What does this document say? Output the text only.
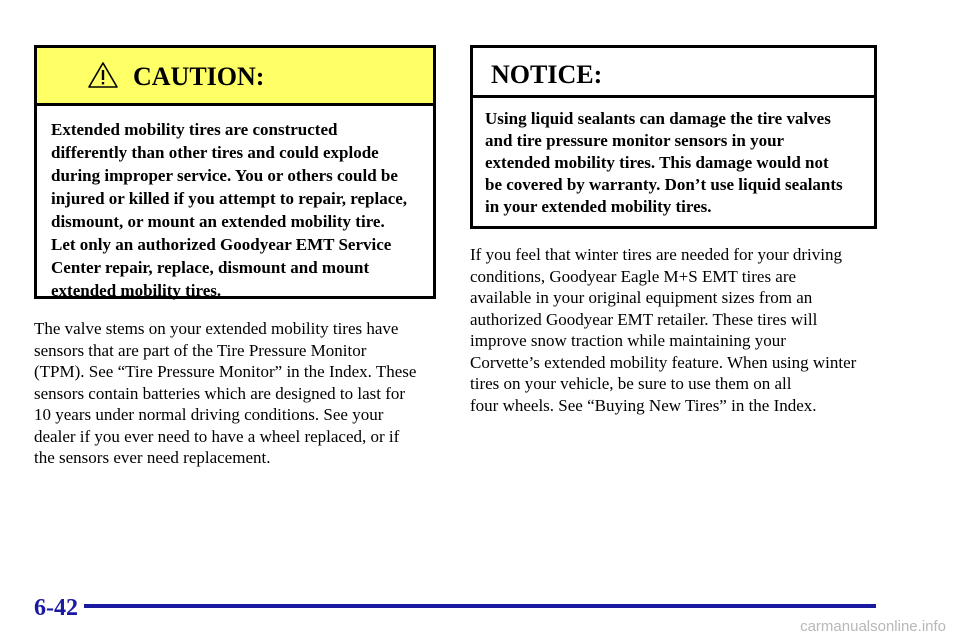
CAUTION:
Extended mobility tires are constructed
differently than other tires and could explode
during improper service. You or others could be
injured or killed if you attempt to repair, replace,
dismount, or mount an extended mobility tire.
Let only an authorized Goodyear EMT Service
Center repair, replace, dismount and mount
extended mobility tires.
The valve stems on your extended mobility tires have
sensors that are part of the Tire Pressure Monitor
(TPM). See “Tire Pressure Monitor” in the Index. These
sensors contain batteries which are designed to last for
10 years under normal driving conditions. See your
dealer if you ever need to have a wheel replaced, or if
the sensors ever need replacement.
NOTICE:
Using liquid sealants can damage the tire valves
and tire pressure monitor sensors in your
extended mobility tires. This damage would not
be covered by warranty. Don’t use liquid sealants
in your extended mobility tires.
If you feel that winter tires are needed for your driving
conditions, Goodyear Eagle M+S EMT tires are
available in your original equipment sizes from an
authorized Goodyear EMT retailer. These tires will
improve snow traction while maintaining your
Corvette’s extended mobility feature. When using winter
tires on your vehicle, be sure to use them on all
four wheels. See “Buying New Tires” in the Index.
6-42
carmanualsonline.info
